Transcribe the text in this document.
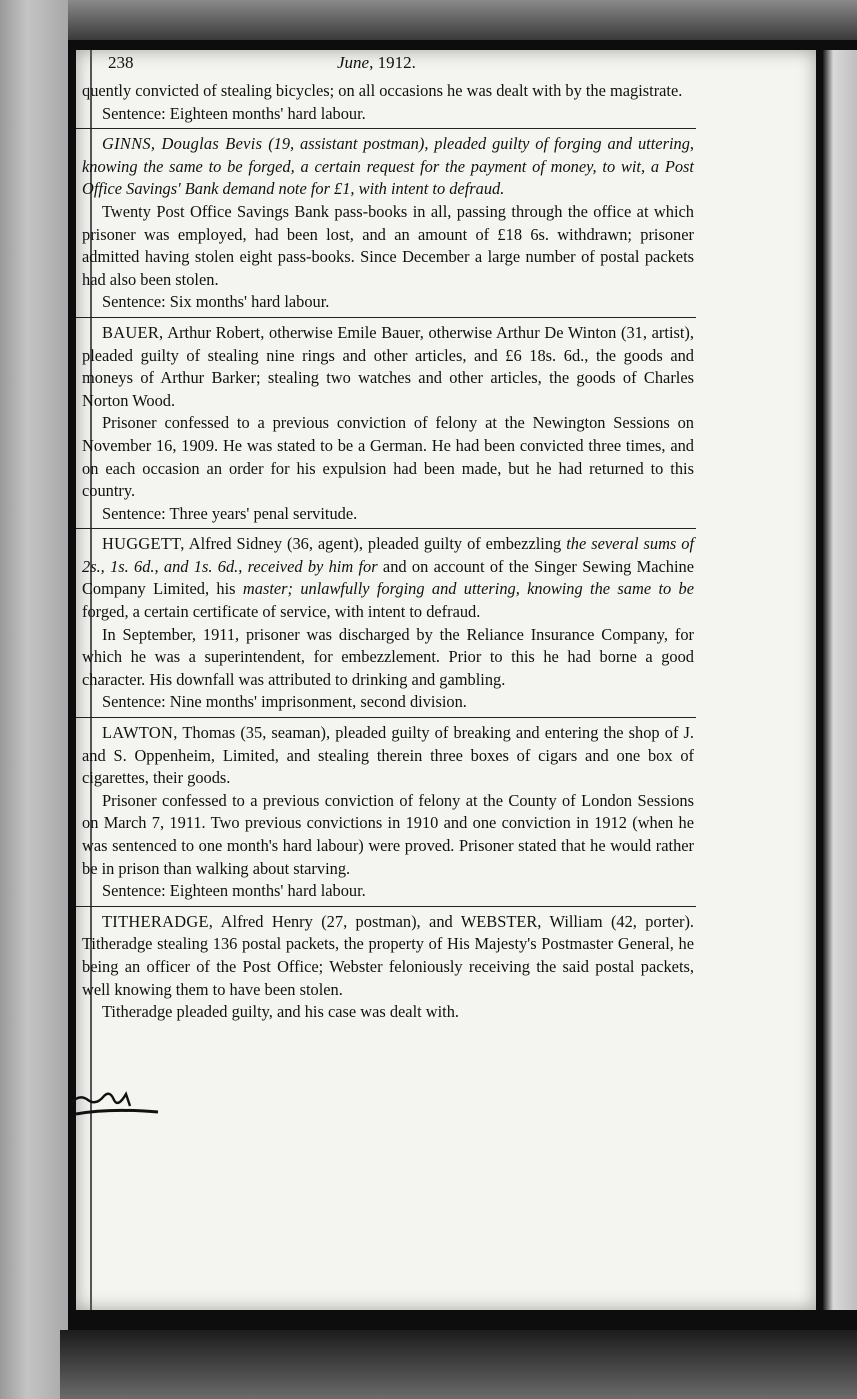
238	June, 1912.

quently convicted of stealing bicycles; on all occasions he was dealt with by the magistrate.

Sentence: Eighteen months' hard labour.

GINNS, Douglas Bevis (19, assistant postman), pleaded guilty of forging and uttering, knowing the same to be forged, a certain request for the payment of money, to wit, a Post Office Savings' Bank demand note for £1, with intent to defraud.

Twenty Post Office Savings Bank pass-books in all, passing through the office at which prisoner was employed, had been lost, and an amount of £18 6s. withdrawn; prisoner admitted having stolen eight pass-books. Since December a large number of postal packets had also been stolen.

Sentence: Six months' hard labour.

BAUER, Arthur Robert, otherwise Emile Bauer, otherwise Arthur De Winton (31, artist), pleaded guilty of stealing nine rings and other articles, and £6 18s. 6d., the goods and moneys of Arthur Barker; stealing two watches and other articles, the goods of Charles Norton Wood.

Prisoner confessed to a previous conviction of felony at the Newington Sessions on November 16, 1909. He was stated to be a German. He had been convicted three times, and on each occasion an order for his expulsion had been made, but he had returned to this country.

Sentence: Three years' penal servitude.

HUGGETT, Alfred Sidney (36, agent), pleaded guilty of embezzling the several sums of 2s., 1s. 6d., and 1s. 6d., received by him for and on account of the Singer Sewing Machine Company Limited, his master; unlawfully forging and uttering, knowing the same to be forged, a certain certificate of service, with intent to defraud.

In September, 1911, prisoner was discharged by the Reliance Insurance Company, for which he was a superintendent, for embezzlement. Prior to this he had borne a good character. His downfall was attributed to drinking and gambling.

Sentence: Nine months' imprisonment, second division.

LAWTON, Thomas (35, seaman), pleaded guilty of breaking and entering the shop of J. and S. Oppenheim, Limited, and stealing therein three boxes of cigars and one box of cigarettes, their goods.

Prisoner confessed to a previous conviction of felony at the County of London Sessions on March 7, 1911. Two previous convictions in 1910 and one conviction in 1912 (when he was sentenced to one month's hard labour) were proved. Prisoner stated that he would rather be in prison than walking about starving.

Sentence: Eighteen months' hard labour.

TITHERADGE, Alfred Henry (27, postman), and WEBSTER, William (42, porter). Titheradge stealing 136 postal packets, the property of His Majesty's Postmaster General, he being an officer of the Post Office; Webster feloniously receiving the said postal packets, well knowing them to have been stolen.

Titheradge pleaded guilty, and his case was dealt with.
